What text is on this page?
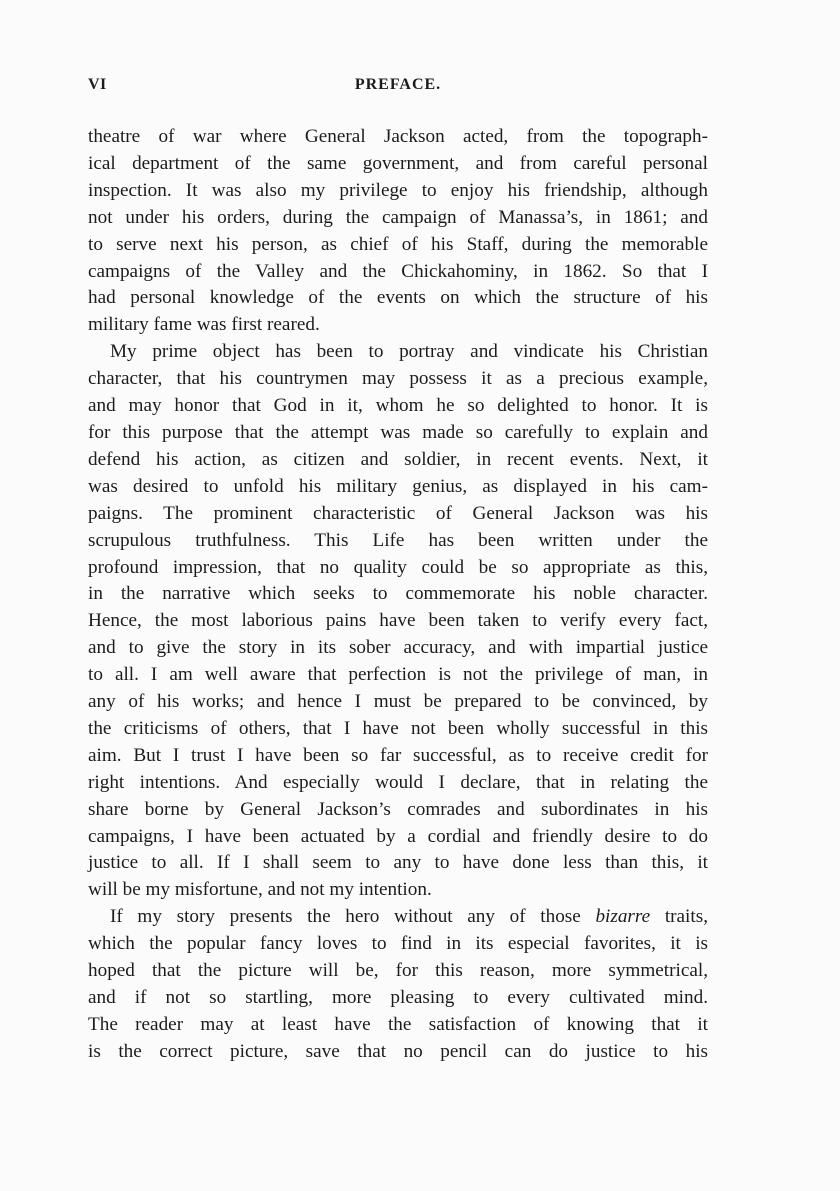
VI	PREFACE.

theatre of war where General Jackson acted, from the topograph-
ical department of the same government, and from careful personal
inspection. It was also my privilege to enjoy his friendship, although
not under his orders, during the campaign of Manassa’s, in 1861; and
to serve next his person, as chief of his Staff, during the memorable
campaigns of the Valley and the Chickahominy, in 1862. So that I
had personal knowledge of the events on which the structure of his
military fame was first reared.

My prime object has been to portray and vindicate his Christian
character, that his countrymen may possess it as a precious example,
and may honor that God in it, whom he so delighted to honor. It is
for this purpose that the attempt was made so carefully to explain and
defend his action, as citizen and soldier, in recent events. Next, it
was desired to unfold his military genius, as displayed in his cam-
paigns. The prominent characteristic of General Jackson was his
scrupulous truthfulness. This Life has been written under the
profound impression, that no quality could be so appropriate as this,
in the narrative which seeks to commemorate his noble character.
Hence, the most laborious pains have been taken to verify every fact,
and to give the story in its sober accuracy, and with impartial justice
to all. I am well aware that perfection is not the privilege of man, in
any of his works; and hence I must be prepared to be convinced, by
the criticisms of others, that I have not been wholly successful in this
aim. But I trust I have been so far successful, as to receive credit for
right intentions. And especially would I declare, that in relating the
share borne by General Jackson’s comrades and subordinates in his
campaigns, I have been actuated by a cordial and friendly desire to do
justice to all. If I shall seem to any to have done less than this, it
will be my misfortune, and not my intention.

If my story presents the hero without any of those bizarre traits,
which the popular fancy loves to find in its especial favorites, it is
hoped that the picture will be, for this reason, more symmetrical,
and if not so startling, more pleasing to every cultivated mind.
The reader may at least have the satisfaction of knowing that it
is the correct picture, save that no pencil can do justice to his
